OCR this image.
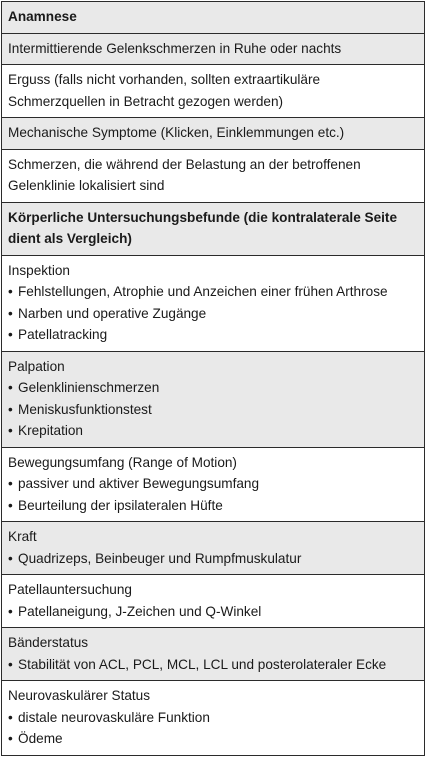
Anamnese
Intermittierende Gelenkschmerzen in Ruhe oder nachts

Erguss (falls nicht vorhanden, sollten extraartikuläre
Schmerzquellen in Betracht gezogen werden)

Mechanische Symptome (Klicken, Einklemmungen etc.)

Schmerzen, die während der Belastung an der betroffenen
Gelenklinie lokalisiert sind

Körperliche Untersuchungsbefunde (die kontralaterale Seite
dient als Vergleich)

Inspektion
• Fehlstellungen, Atrophie und Anzeichen einer frühen Arthrose
• Narben und operative Zugänge
• Patellatracking

Palpation
• Gelenklinienschmerzen
• Meniskusfunktionstest
• Krepitation

Bewegungsumfang (Range of Motion)
• passiver und aktiver Bewegungsumfang
• Beurteilung der ipsilateralen Hüfte

Kraft
• Quadrizeps, Beinbeuger und Rumpfmuskulatur

Patellauntersuchung
• Patellaneigung, J-Zeichen und Q-Winkel

Bänderstatus
• Stabilität von ACL, PCL, MCL, LCL und posterolateraler Ecke

Neurovaskulärer Status
• distale neurovaskuläre Funktion
• Ödeme
